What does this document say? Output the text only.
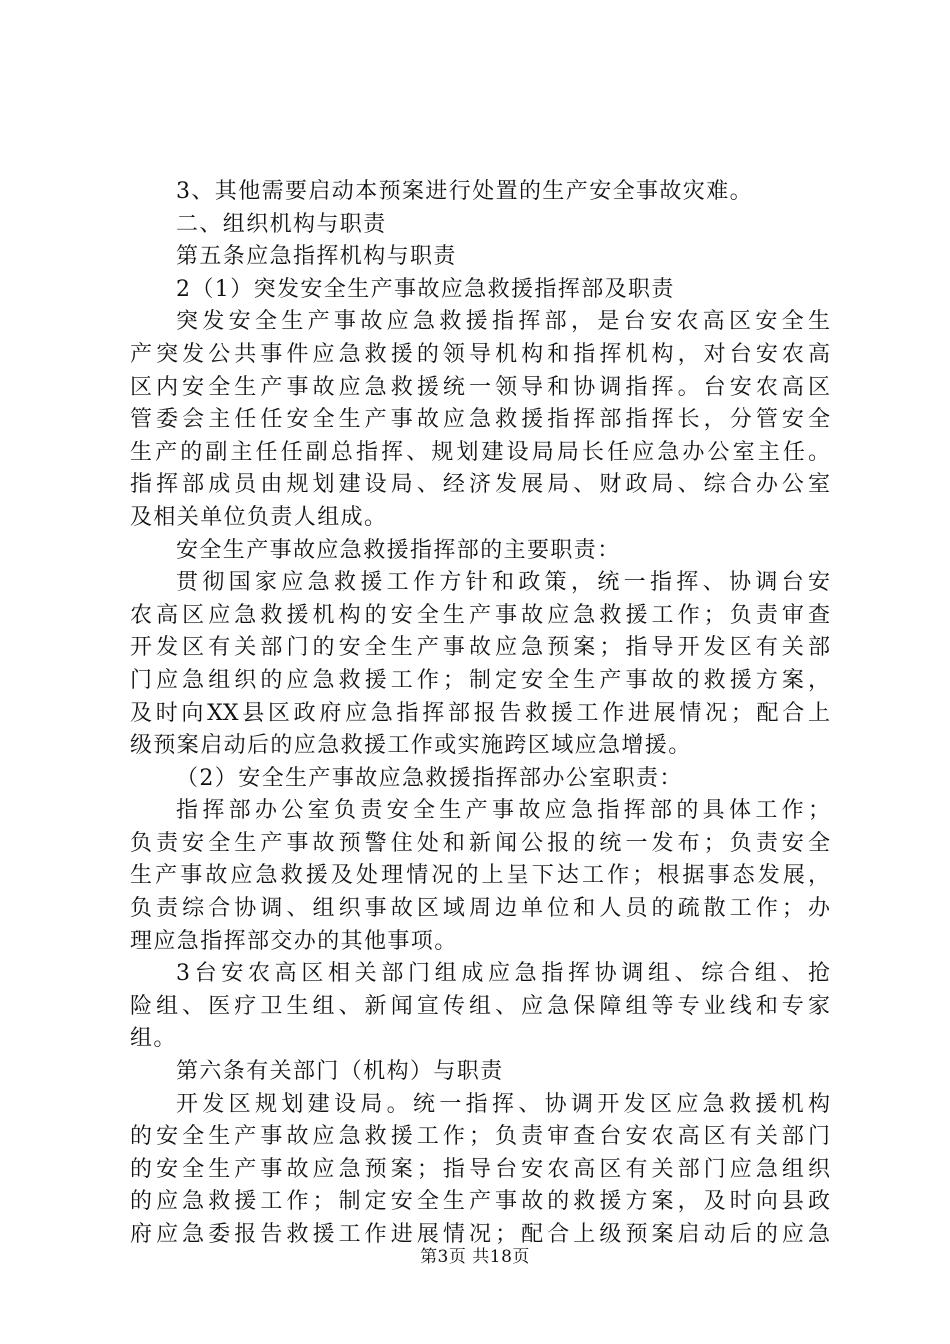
3、其他需要启动本预案进行处置的生产安全事故灾难。
二、组织机构与职责
第五条应急指挥机构与职责
2（1）突发安全生产事故应急救援指挥部及职责
突发安全生产事故应急救援指挥部，是台安农高区安全生
产突发公共事件应急救援的领导机构和指挥机构，对台安农高
区内安全生产事故应急救援统一领导和协调指挥。台安农高区
管委会主任任安全生产事故应急救援指挥部指挥长，分管安全
生产的副主任任副总指挥、规划建设局局长任应急办公室主任。
指挥部成员由规划建设局、经济发展局、财政局、综合办公室
及相关单位负责人组成。
安全生产事故应急救援指挥部的主要职责：
贯彻国家应急救援工作方针和政策，统一指挥、协调台安
农高区应急救援机构的安全生产事故应急救援工作；负责审查
开发区有关部门的安全生产事故应急预案；指导开发区有关部
门应急组织的应急救援工作；制定安全生产事故的救援方案，
及时向XX县区政府应急指挥部报告救援工作进展情况；配合上
级预案启动后的应急救援工作或实施跨区域应急增援。
（2）安全生产事故应急救援指挥部办公室职责：
指挥部办公室负责安全生产事故应急指挥部的具体工作；
负责安全生产事故预警住处和新闻公报的统一发布；负责安全
生产事故应急救援及处理情况的上呈下达工作；根据事态发展，
负责综合协调、组织事故区域周边单位和人员的疏散工作；办
理应急指挥部交办的其他事项。
3台安农高区相关部门组成应急指挥协调组、综合组、抢
险组、医疗卫生组、新闻宣传组、应急保障组等专业线和专家
组。
第六条有关部门（机构）与职责
开发区规划建设局。统一指挥、协调开发区应急救援机构
的安全生产事故应急救援工作；负责审查台安农高区有关部门
的安全生产事故应急预案；指导台安农高区有关部门应急组织
的应急救援工作；制定安全生产事故的救援方案，及时向县政
府应急委报告救援工作进展情况；配合上级预案启动后的应急
第3页 共18页
